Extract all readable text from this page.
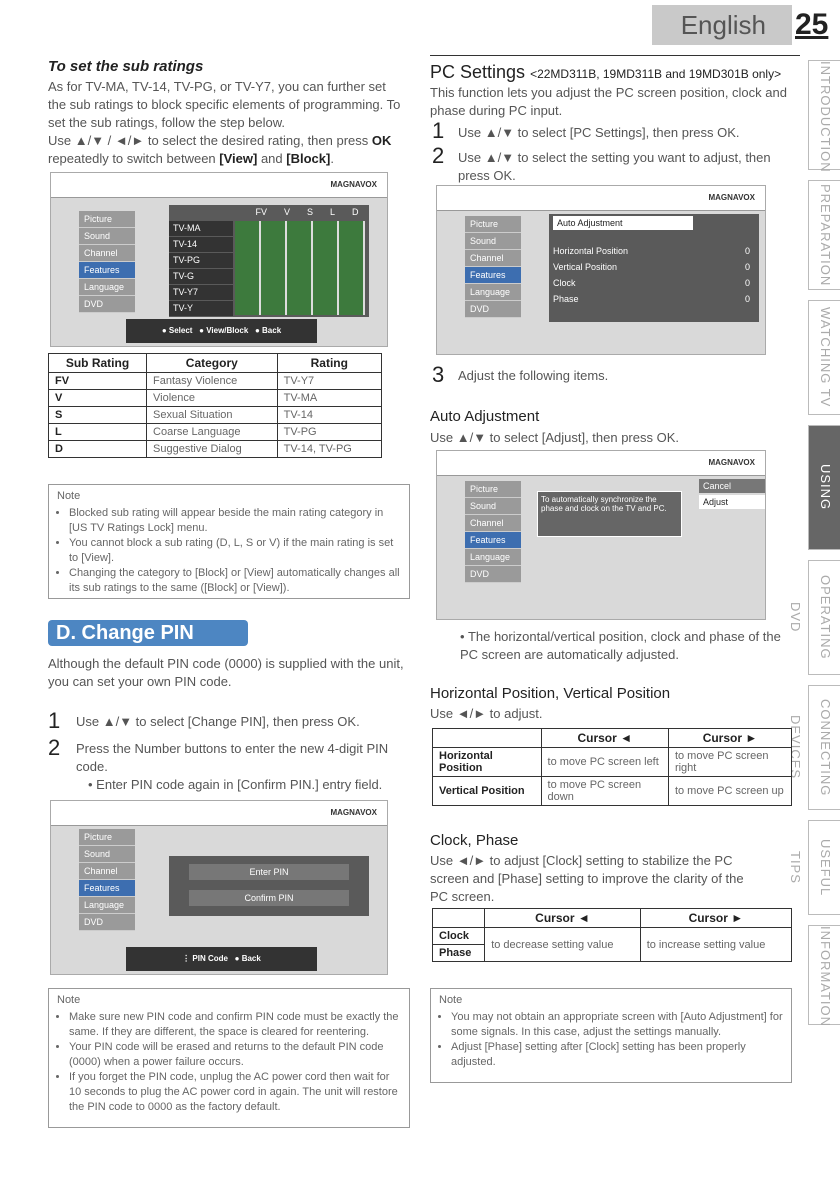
English 25
INTRODUCTION
PREPARATION
WATCHING TV
USING FUNCTIONS
OPERATING DVD
CONNECTING DEVICES
USEFUL TIPS
INFORMATION
To set the sub ratings
As for TV-MA, TV-14, TV-PG, or TV-Y7, you can further set the sub ratings to block specific elements of programming. To set the sub ratings, follow the step below.
Use ▲/▼ / ◄/► to select the desired rating, then press OK repeatedly to switch between [View] and [Block].
MAGNAVOX
Picture
Sound
Channel
Features
Language
DVD
FV V S L D
TV-MA
TV-14
TV-PG
TV-G
TV-Y7
TV-Y
● Select   ● View/Block   ● Back
Sub Rating	Category	Rating
FV	Fantasy Violence	TV-Y7
V	Violence	TV-MA
S	Sexual Situation	TV-14
L	Coarse Language	TV-PG
D	Suggestive Dialog	TV-14, TV-PG
Note
• Blocked sub rating will appear beside the main rating category in [US TV Ratings Lock] menu.
• You cannot block a sub rating (D, L, S or V) if the main rating is set to [View].
• Changing the category to [Block] or [View] automatically changes all its sub ratings to the same ([Block] or [View]).
D. Change PIN
Although the default PIN code (0000) is supplied with the unit, you can set your own PIN code.
1 Use ▲/▼ to select [Change PIN], then press OK.
2 Press the Number buttons to enter the new 4-digit PIN code.
• Enter PIN code again in [Confirm PIN.] entry field.
MAGNAVOX
Picture
Sound
Channel
Features
Language
DVD
Enter PIN
Confirm PIN
⋮ PIN Code   ● Back
Note
• Make sure new PIN code and confirm PIN code must be exactly the same. If they are different, the space is cleared for reentering.
• Your PIN code will be erased and returns to the default PIN code (0000) when a power failure occurs.
• If you forget the PIN code, unplug the AC power cord then wait for 10 seconds to plug the AC power cord in again. The unit will restore the PIN code to 0000 as the factory default.
PC Settings <22MD311B, 19MD311B and 19MD301B only>
This function lets you adjust the PC screen position, clock and phase during PC input.
1 Use ▲/▼ to select [PC Settings], then press OK.
2 Use ▲/▼ to select the setting you want to adjust, then press OK.
MAGNAVOX
Picture
Sound
Channel
Features
Language
DVD
Auto Adjustment
Horizontal Position
Vertical Position
Clock
Phase
0
0
0
0
3 Adjust the following items.
Auto Adjustment
Use ▲/▼ to select [Adjust], then press OK.
MAGNAVOX
Picture
Sound
Channel
Features
Language
DVD
To automatically synchronize the phase and clock on the TV and PC.
Cancel
Adjust
• The horizontal/vertical position, clock and phase of the PC screen are automatically adjusted.
Horizontal Position, Vertical Position
Use ◄/► to adjust.
	Cursor ◄	Cursor ►
Horizontal Position	to move PC screen left	to move PC screen right
Vertical Position	to move PC screen down	to move PC screen up
Clock, Phase
Use ◄/► to adjust [Clock] setting to stabilize the PC screen and [Phase] setting to improve the clarity of the PC screen.
	Cursor ◄	Cursor ►
Clock	to decrease setting value	to increase setting value
Phase		
Note
• You may not obtain an appropriate screen with [Auto Adjustment] for some signals. In this case, adjust the settings manually.
• Adjust [Phase] setting after [Clock] setting has been properly adjusted.
